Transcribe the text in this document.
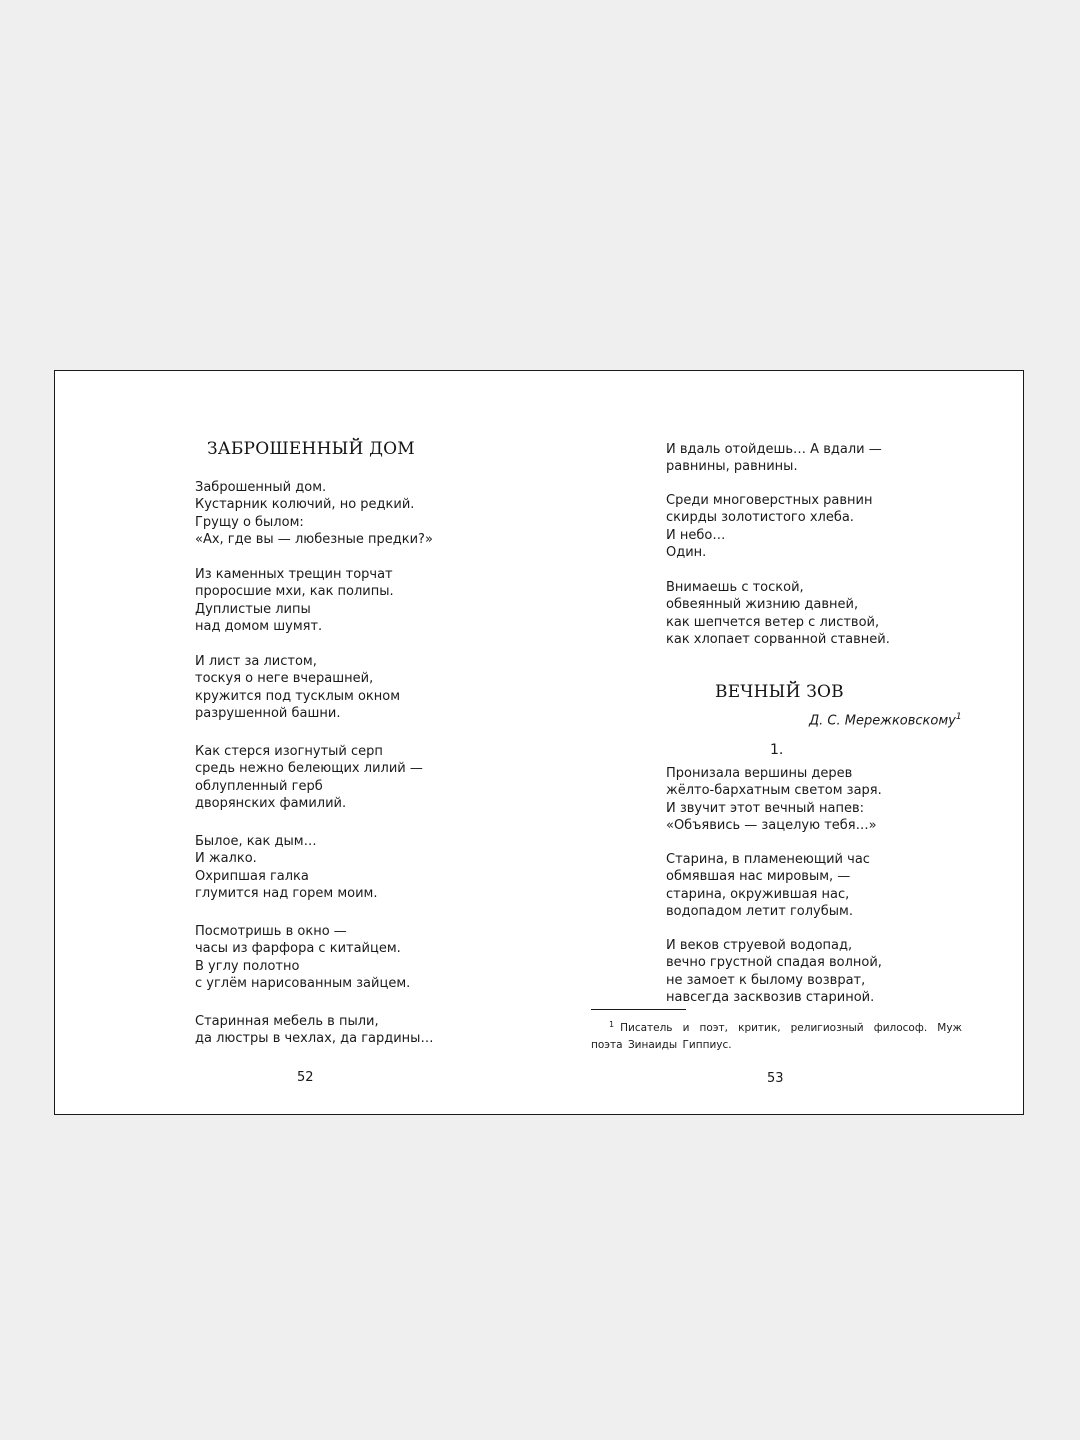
ЗАБРОШЕННЫЙ ДОМ
Заброшенный дом.
Кустарник колючий, но редкий.
Грущу о былом:
«Ах, где вы — любезные предки?»
Из каменных трещин торчат
проросшие мхи, как полипы.
Дуплистые липы
над домом шумят.
И лист за листом,
тоскуя о неге вчерашней,
кружится под тусклым окном
разрушенной башни.
Как стерся изогнутый серп
средь нежно белеющих лилий —
облупленный герб
дворянских фамилий.
Былое, как дым…
И жалко.
Охрипшая галка
глумится над горем моим.
Посмотришь в окно —
часы из фарфора с китайцем.
В углу полотно
с углём нарисованным зайцем.
Старинная мебель в пыли,
да люстры в чехлах, да гардины…
52
И вдаль отойдешь… А вдали —
равнины, равнины.
Среди многоверстных равнин
скирды золотистого хлеба.
И небо…
Один.
Внимаешь с тоской,
обвеянный жизнию давней,
как шепчется ветер с листвой,
как хлопает сорванной ставней.
ВЕЧНЫЙ ЗОВ
Д. С. Мережковскому$^1$
1.
Пронизала вершины дерев
жёлто-бархатным светом заря.
И звучит этот вечный напев:
«Объявись — зацелую тебя…»
Старина, в пламенеющий час
обмявшая нас мировым, —
старина, окружившая нас,
водопадом летит голубым.
И веков струевой водопад,
вечно грустной спадая волной,
не замоет к былому возврат,
навсегда засквозив стариной.
$^1$ Писатель и поэт, критик, религиозный философ. Муж поэта Зинаиды Гиппиус.
53
